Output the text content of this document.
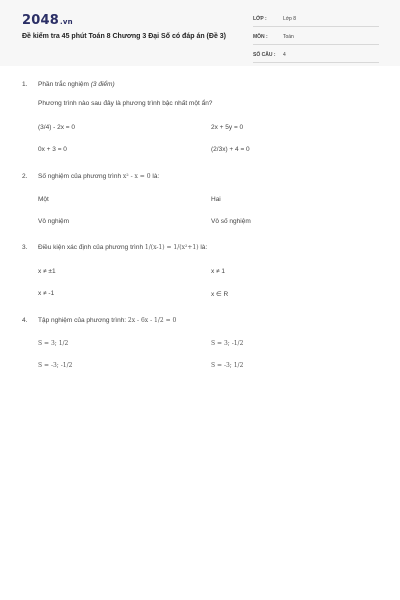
2048.vn
Đề kiểm tra 45 phút Toán 8 Chương 3 Đại Số có đáp án (Đề 3)
LỚP :	Lớp 8
MÔN :	Toán
SỐ CÂU : 4
1. Phần trắc nghiệm (3 điểm)
Phương trình nào sau đây là phương trình bậc nhất một ẩn?
(3/4) - 2x = 0	2x + 5y = 0
0x + 3 = 0	(2/3x) + 4 = 0
2. Số nghiệm của phương trình x² - x = 0 là:
Một	Hai
Vô nghiệm	Vô số nghiệm
3. Điều kiện xác định của phương trình 1/(x-1) = 1/(x²+1) là:
x ≠ ±1	x ≠ 1
x ≠ -1	x ∈ R
4. Tập nghiệm của phương trình: 2x - 6x - 1/2 = 0
S = 3; 1/2	S = 3; -1/2
S = -3; -1/2	S = -3; 1/2
